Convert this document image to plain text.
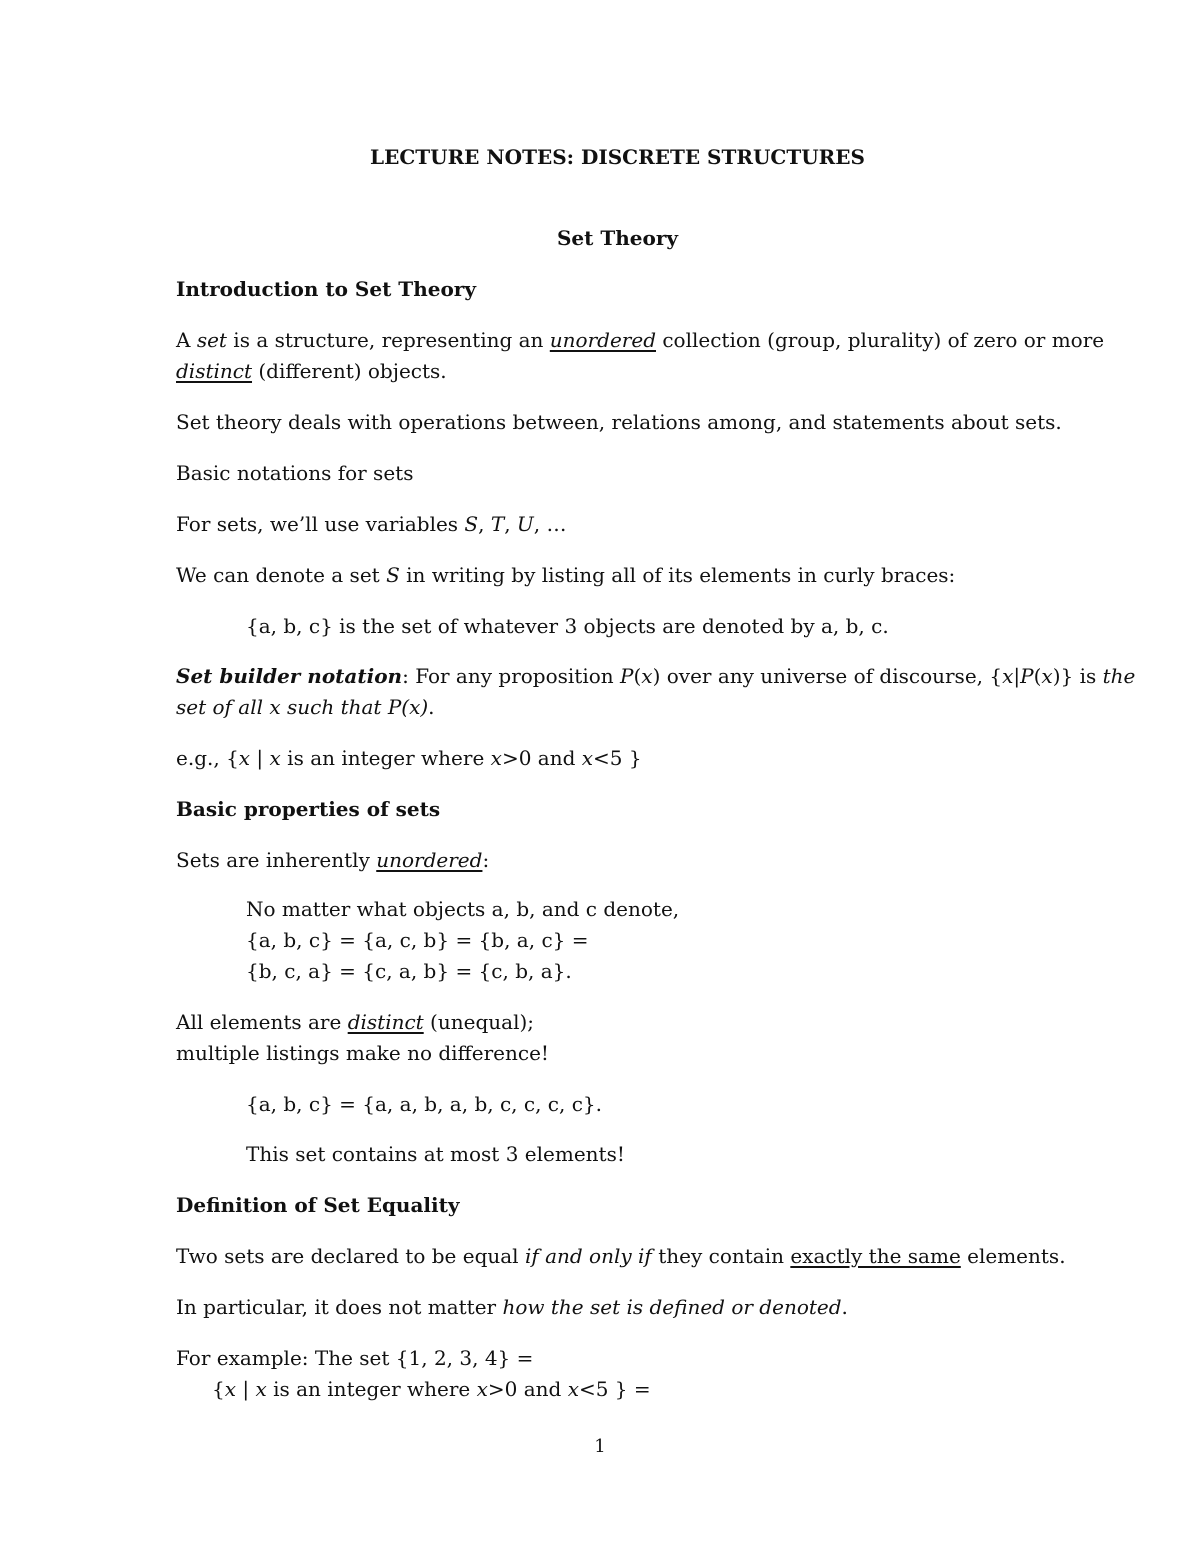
LECTURE NOTES: DISCRETE STRUCTURES
Set Theory
Introduction to Set Theory
A set is a structure, representing an unordered collection (group, plurality) of zero or more
distinct (different) objects.
Set theory deals with operations between, relations among, and statements about sets.
Basic notations for sets
For sets, we’ll use variables S, T, U, …
We can denote a set S in writing by listing all of its elements in curly braces:
{a, b, c} is the set of whatever 3 objects are denoted by a, b, c.
Set builder notation: For any proposition P(x) over any universe of discourse, {x|P(x)} is the
set of all x such that P(x).
e.g., {x | x is an integer where x>0 and x<5 }
Basic properties of sets
Sets are inherently unordered:
No matter what objects a, b, and c denote,
{a, b, c} = {a, c, b} = {b, a, c} =
{b, c, a} = {c, a, b} = {c, b, a}.
All elements are distinct (unequal);
multiple listings make no difference!
{a, b, c} = {a, a, b, a, b, c, c, c, c}.
This set contains at most 3 elements!
Definition of Set Equality
Two sets are declared to be equal if and only if they contain exactly the same elements.
In particular, it does not matter how the set is defined or denoted.
For example: The set {1, 2, 3, 4} =
{x | x is an integer where x>0 and x<5 } =
1
